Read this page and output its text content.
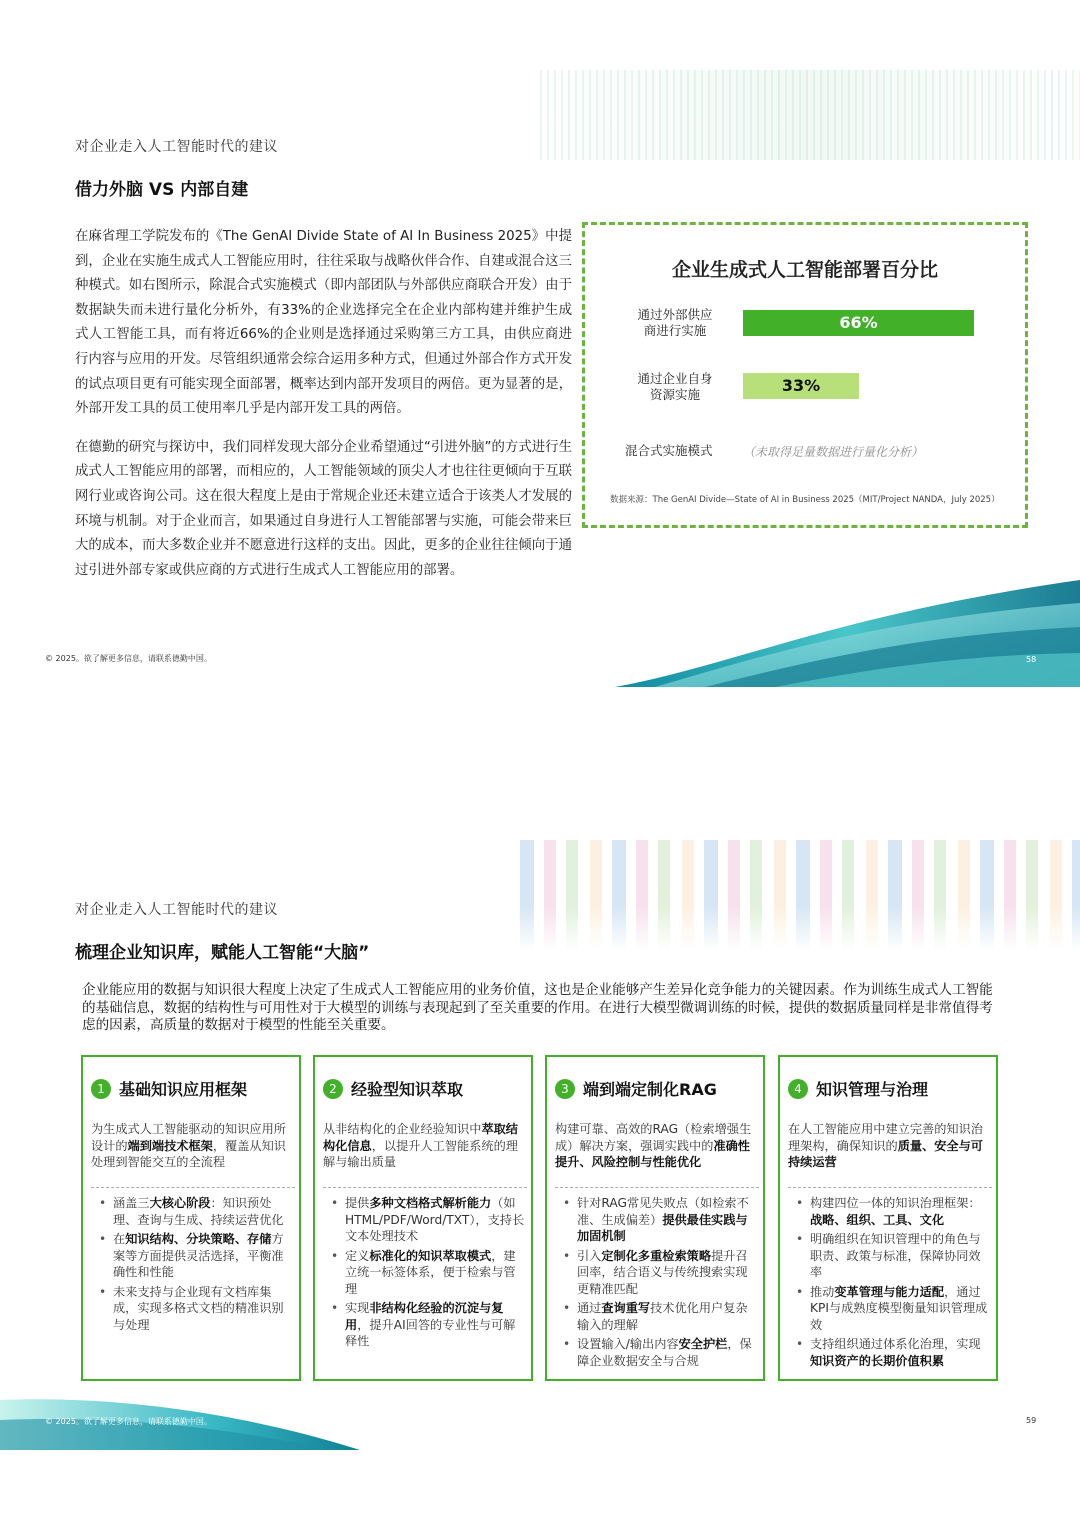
对企业走入人工智能时代的建议
借力外脑 VS 内部自建

在麻省理工学院发布的《The GenAI Divide State of AI In Business 2025》中提到，企业在实施生成式人工智能应用时，往往采取与战略伙伴合作、自建或混合这三种模式。如右图所示，除混合式实施模式（即内部团队与外部供应商联合开发）由于数据缺失而未进行量化分析外，有33%的企业选择完全在企业内部构建并维护生成式人工智能工具，而有将近66%的企业则是选择通过采购第三方工具，由供应商进行内容与应用的开发。尽管组织通常会综合运用多种方式，但通过外部合作方式开发的试点项目更有可能实现全面部署，概率达到内部开发项目的两倍。更为显著的是，外部开发工具的员工使用率几乎是内部开发工具的两倍。

在德勤的研究与探访中，我们同样发现大部分企业希望通过“引进外脑”的方式进行生成式人工智能应用的部署，而相应的，人工智能领域的顶尖人才也往往更倾向于互联网行业或咨询公司。这在很大程度上是由于常规企业还未建立适合于该类人才发展的环境与机制。对于企业而言，如果通过自身进行人工智能部署与实施，可能会带来巨大的成本，而大多数企业并不愿意进行这样的支出。因此，更多的企业往往倾向于通过引进外部专家或供应商的方式进行生成式人工智能应用的部署。

企业生成式人工智能部署百分比
通过外部供应
商进行实施	66%
通过企业自身
资源实施	33%
混合式实施模式	（未取得足量数据进行量化分析）
数据来源：The GenAI Divide—State of AI in Business 2025（MIT/Project NANDA，July 2025）
© 2025。欲了解更多信息，请联系德勤中国。	58
对企业走入人工智能时代的建议
梳理企业知识库，赋能人工智能“大脑”
企业能应用的数据与知识很大程度上决定了生成式人工智能应用的业务价值，这也是企业能够产生差异化竞争能力的关键因素。作为训练生成式人工智能的基础信息，数据的结构性与可用性对于大模型的训练与表现起到了至关重要的作用。在进行大模型微调训练的时候，提供的数据质量同样是非常值得考虑的因素，高质量的数据对于模型的性能至关重要。
1 基础知识应用框架
为生成式人工智能驱动的知识应用所设计的端到端技术框架，覆盖从知识处理到智能交互的全流程
• 涵盖三大核心阶段：知识预处理、查询与生成、持续运营优化
• 在知识结构、分块策略、存储方案等方面提供灵活选择，平衡准确性和性能
• 未来支持与企业现有文档库集成，实现多格式文档的精准识别与处理
2 经验型知识萃取
从非结构化的企业经验知识中萃取结构化信息，以提升人工智能系统的理解与输出质量
• 提供多种文档格式解析能力（如HTML/PDF/Word/TXT），支持长文本处理技术
• 定义标准化的知识萃取模式，建立统一标签体系，便于检索与管理
• 实现非结构化经验的沉淀与复用，提升AI回答的专业性与可解释性
3 端到端定制化RAG
构建可靠、高效的RAG（检索增强生成）解决方案，强调实践中的准确性提升、风险控制与性能优化
• 针对RAG常见失败点（如检索不准、生成偏差）提供最佳实践与加固机制
• 引入定制化多重检索策略提升召回率，结合语义与传统搜索实现更精准匹配
• 通过查询重写技术优化用户复杂输入的理解
• 设置输入/输出内容安全护栏，保障企业数据安全与合规
4 知识管理与治理
在人工智能应用中建立完善的知识治理架构，确保知识的质量、安全与可持续运营
• 构建四位一体的知识治理框架：战略、组织、工具、文化
• 明确组织在知识管理中的角色与职责、政策与标准，保障协同效率
• 推动变革管理与能力适配，通过KPI与成熟度模型衡量知识管理成效
• 支持组织通过体系化治理，实现知识资产的长期价值积累
© 2025。欲了解更多信息，请联系德勤中国。	59
